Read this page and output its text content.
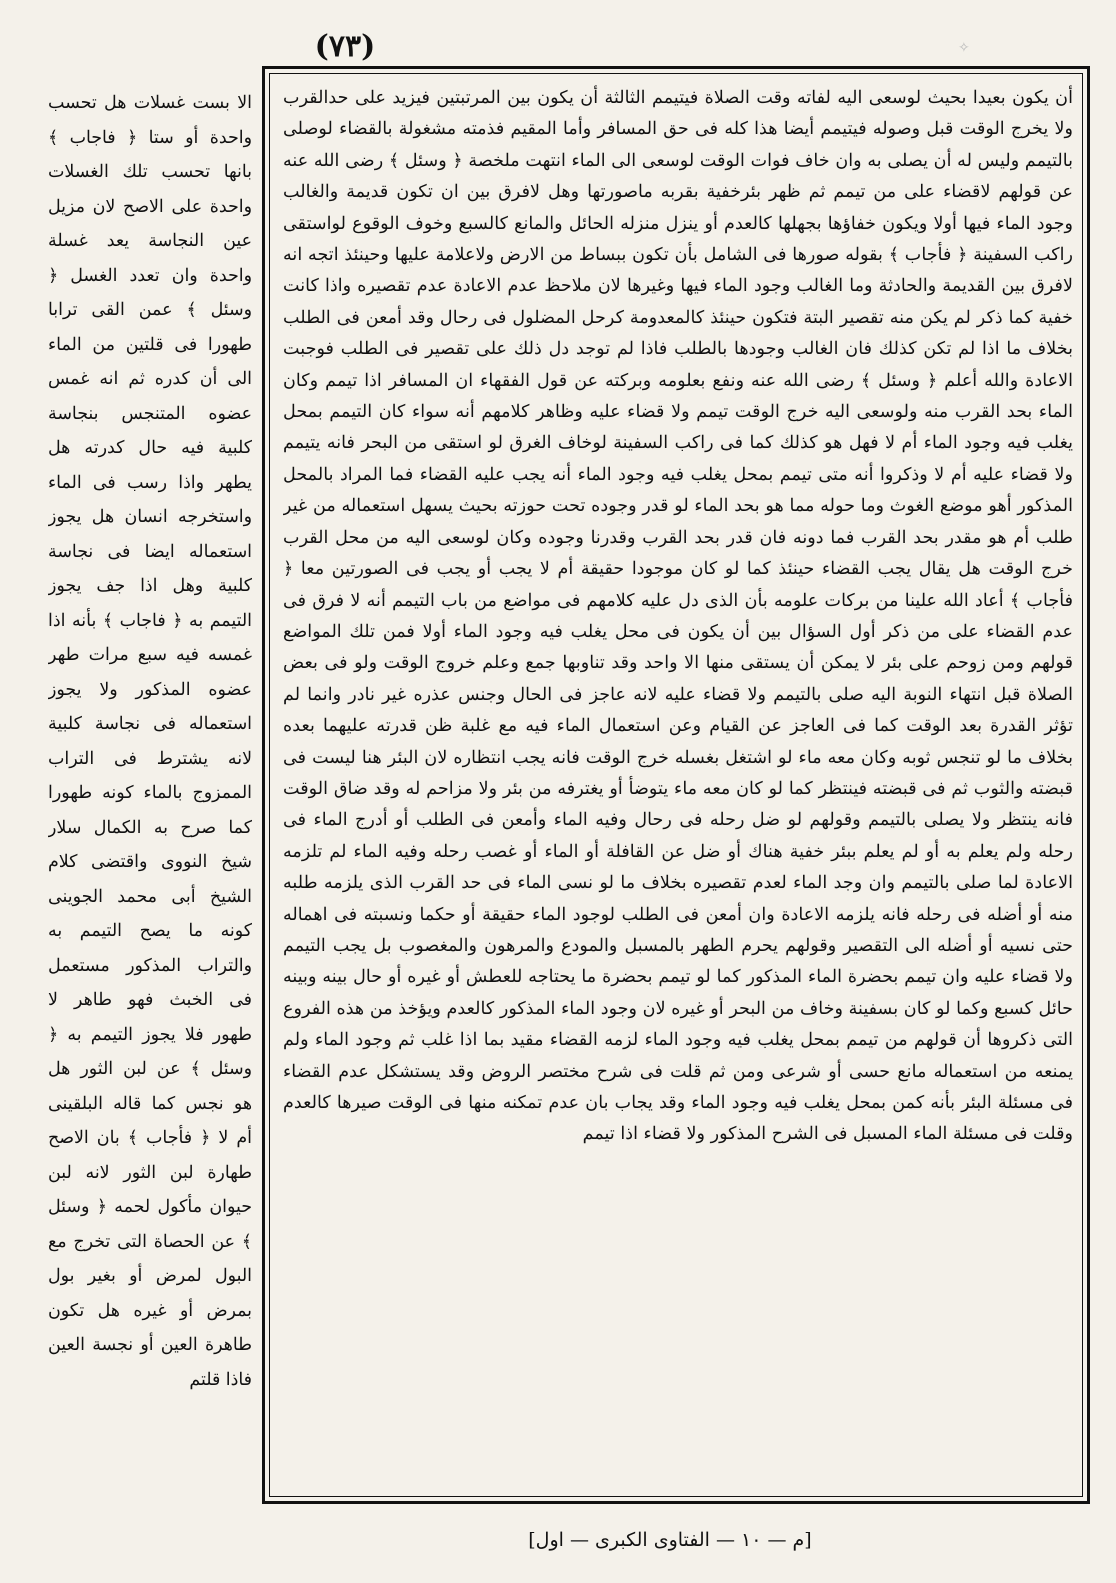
(٧٣)	✧

أن يكون بعيدا بحيث لوسعى اليه لفاته وقت الصلاة فيتيمم الثالثة أن يكون بين المرتبتين فيزيد على حدالقرب ولا يخرج الوقت قبل وصوله فيتيمم أيضا هذا كله فى حق المسافر وأما المقيم فذمته مشغولة بالقضاء لوصلى بالتيمم وليس له أن يصلى به وان خاف فوات الوقت لوسعى الى الماء انتهت ملخصة ﴿ وسئل ﴾ رضى الله عنه عن قولهم لاقضاء على من تيمم ثم ظهر بئرخفية بقربه ماصورتها وهل لافرق بين ان تكون قديمة والغالب وجود الماء فيها أولا ويكون خفاؤها بجهلها كالعدم أو ينزل منزله الحائل والمانع كالسبع وخوف الوقوع لواستقى راكب السفينة ﴿ فأجاب ﴾ بقوله صورها فى الشامل بأن تكون ببساط من الارض ولاعلامة عليها وحينئذ اتجه انه لافرق بين القديمة والحادثة وما الغالب وجود الماء فيها وغيرها لان ملاحظ عدم الاعادة عدم تقصيره واذا كانت خفية كما ذكر لم يكن منه تقصير البتة فتكون حينئذ كالمعدومة كرحل المضلول فى رحال وقد أمعن فى الطلب بخلاف ما اذا لم تكن كذلك فان الغالب وجودها بالطلب فاذا لم توجد دل ذلك على تقصير فى الطلب فوجبت الاعادة والله أعلم ﴿ وسئل ﴾ رضى الله عنه ونفع بعلومه وبركته عن قول الفقهاء ان المسافر اذا تيمم وكان الماء بحد القرب منه ولوسعى اليه خرج الوقت تيمم ولا قضاء عليه وظاهر كلامهم أنه سواء كان التيمم بمحل يغلب فيه وجود الماء أم لا فهل هو كذلك كما فى راكب السفينة لوخاف الغرق لو استقى من البحر فانه يتيمم ولا قضاء عليه أم لا وذكروا أنه متى تيمم بمحل يغلب فيه وجود الماء أنه يجب عليه القضاء فما المراد بالمحل المذكور أهو موضع الغوث وما حوله مما هو بحد الماء لو قدر وجوده تحت حوزته بحيث يسهل استعماله من غير طلب أم هو مقدر بحد القرب فما دونه فان قدر بحد القرب وقدرنا وجوده وكان لوسعى اليه من محل القرب خرج الوقت هل يقال يجب القضاء حينئذ كما لو كان موجودا حقيقة أم لا يجب أو يجب فى الصورتين معا ﴿ فأجاب ﴾ أعاد الله علينا من بركات علومه بأن الذى دل عليه كلامهم فى مواضع من باب التيمم أنه لا فرق فى عدم القضاء على من ذكر أول السؤال بين أن يكون فى محل يغلب فيه وجود الماء أولا فمن تلك المواضع قولهم ومن زوحم على بئر لا يمكن أن يستقى منها الا واحد وقد تناوبها جمع وعلم خروج الوقت ولو فى بعض الصلاة قبل انتهاء النوبة اليه صلى بالتيمم ولا قضاء عليه لانه عاجز فى الحال وجنس عذره غير نادر وانما لم تؤثر القدرة بعد الوقت كما فى العاجز عن القيام وعن استعمال الماء فيه مع غلبة ظن قدرته عليهما بعده بخلاف ما لو تنجس ثوبه وكان معه ماء لو اشتغل بغسله خرج الوقت فانه يجب انتظاره لان البئر هنا ليست فى قبضته والثوب ثم فى قبضته فينتظر كما لو كان معه ماء يتوضأ أو يغترفه من بئر ولا مزاحم له وقد ضاق الوقت فانه ينتظر ولا يصلى بالتيمم وقولهم لو ضل رحله فى رحال وفيه الماء وأمعن فى الطلب أو أدرج الماء فى رحله ولم يعلم به أو لم يعلم ببئر خفية هناك أو ضل عن القافلة أو الماء أو غصب رحله وفيه الماء لم تلزمه الاعادة لما صلى بالتيمم وان وجد الماء لعدم تقصيره بخلاف ما لو نسى الماء فى حد القرب الذى يلزمه طلبه منه أو أضله فى رحله فانه يلزمه الاعادة وان أمعن فى الطلب لوجود الماء حقيقة أو حكما ونسبته فى اهماله حتى نسيه أو أضله الى التقصير وقولهم يحرم الطهر بالمسبل والمودع والمرهون والمغصوب بل يجب التيمم ولا قضاء عليه وان تيمم بحضرة الماء المذكور كما لو تيمم بحضرة ما يحتاجه للعطش أو غيره أو حال بينه وبينه حائل كسبع وكما لو كان بسفينة وخاف من البحر أو غيره لان وجود الماء المذكور كالعدم ويؤخذ من هذه الفروع التى ذكروها أن قولهم من تيمم بمحل يغلب فيه وجود الماء لزمه القضاء مقيد بما اذا غلب ثم وجود الماء ولم يمنعه من استعماله مانع حسى أو شرعى ومن ثم قلت فى شرح مختصر الروض وقد يستشكل عدم القضاء فى مسئلة البئر بأنه كمن بمحل يغلب فيه وجود الماء وقد يجاب بان عدم تمكنه منها فى الوقت صيرها كالعدم وقلت فى مسئلة الماء المسبل فى الشرح المذكور ولا قضاء اذا تيمم

الا بست غسلات هل تحسب واحدة أو ستا ﴿ فاجاب ﴾ بانها تحسب تلك الغسلات واحدة على الاصح لان مزيل عين النجاسة يعد غسلة واحدة وان تعدد الغسل ﴿ وسئل ﴾ عمن القى ترابا طهورا فى قلتين من الماء الى أن كدره ثم انه غمس عضوه المتنجس بنجاسة كلبية فيه حال كدرته هل يطهر واذا رسب فى الماء واستخرجه انسان هل يجوز استعماله ايضا فى نجاسة كلبية وهل اذا جف يجوز التيمم به ﴿ فاجاب ﴾ بأنه اذا غمسه فيه سبع مرات طهر عضوه المذكور ولا يجوز استعماله فى نجاسة كلبية لانه يشترط فى التراب الممزوج بالماء كونه طهورا كما صرح به الكمال سلار شيخ النووى واقتضى كلام الشيخ أبى محمد الجوينى كونه ما يصح التيمم به والتراب المذكور مستعمل فى الخبث فهو طاهر لا طهور فلا يجوز التيمم به ﴿ وسئل ﴾ عن لبن الثور هل هو نجس كما قاله البلقينى أم لا ﴿ فأجاب ﴾ بان الاصح طهارة لبن الثور لانه لبن حيوان مأكول لحمه ﴿ وسئل ﴾ عن الحصاة التى تخرج مع البول لمرض أو بغير بول بمرض أو غيره هل تكون طاهرة العين أو نجسة العين فاذا قلتم

[م — ١٠ — الفتاوى الكبرى — اول]
